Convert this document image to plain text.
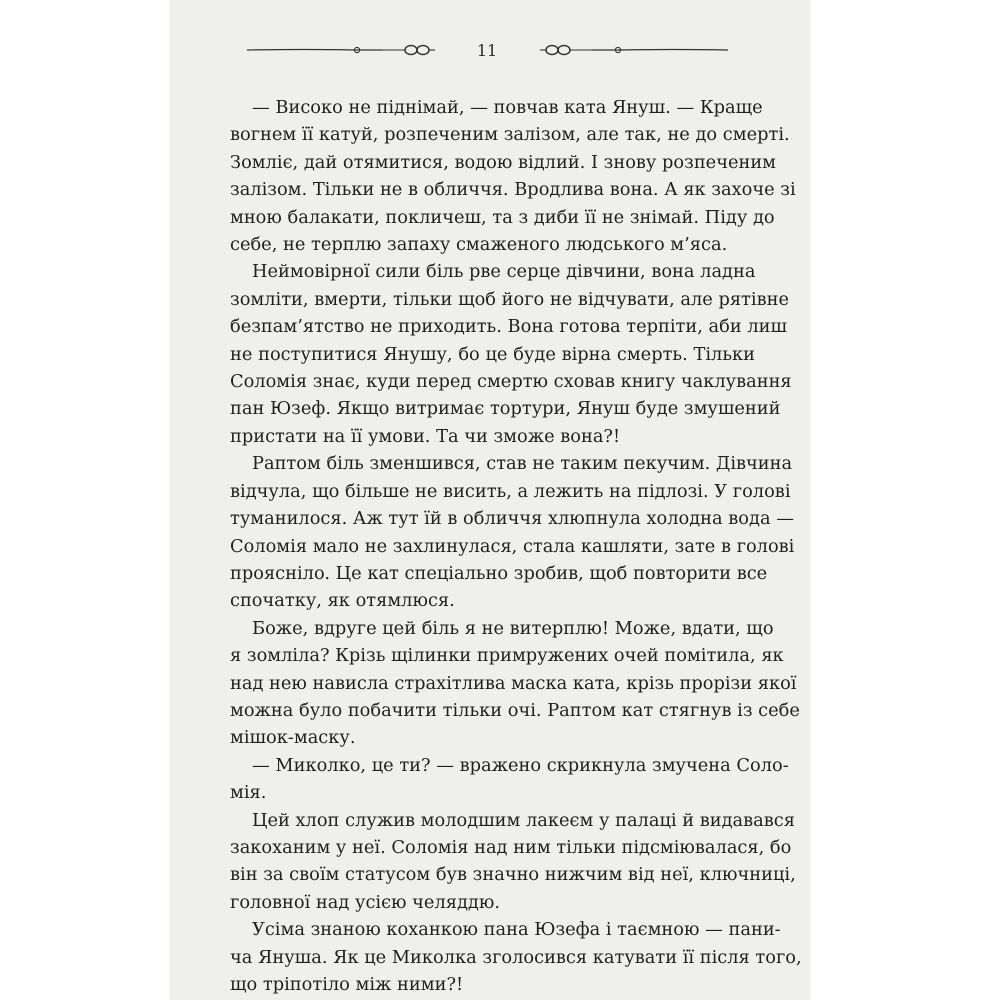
11

— Високо не піднімай, — повчав ката Януш. — Краще
вогнем її катуй, розпеченим залізом, але так, не до смерті.
Зомліє, дай отямитися, водою відлий. І знову розпеченим
залізом. Тільки не в обличчя. Вродлива вона. А як захоче зі
мною балакати, покличеш, та з диби її не знімай. Піду до
себе, не терплю запаху смаженого людського м’яса.

Неймовірної сили біль рве серце дівчини, вона ладна
зомліти, вмерти, тільки щоб його не відчувати, але рятівне
безпам’ятство не приходить. Вона готова терпіти, аби лиш
не поступитися Янушу, бо це буде вірна смерть. Тільки
Соломія знає, куди перед смертю сховав книгу чаклування
пан Юзеф. Якщо витримає тортури, Януш буде змушений
пристати на її умови. Та чи зможе вона?!

Раптом біль зменшився, став не таким пекучим. Дівчина
відчула, що більше не висить, а лежить на підлозі. У голові
туманилося. Аж тут їй в обличчя хлюпнула холодна вода —
Соломія мало не захлинулася, стала кашляти, зате в голові
прояснілo. Це кат спеціально зробив, щоб повторити все
спочатку, як отямлюся.

Боже, вдруге цей біль я не витерплю! Може, вдати, що
я зомліла? Крізь щілинки примружених очей помітила, як
над нею нависла страхітлива маска ката, крізь прорізи якої
можна було побачити тільки очі. Раптом кат стягнув із себе
мішок-маску.

— Миколко, це ти? — вражено скрикнула змучена Соло-
мія.

Цей хлоп служив молодшим лакеєм у палаці й видавався
закоханим у неї. Соломія над ним тільки підсміювалася, бо
він за своїм статусом був значно нижчим від неї, ключниці,
головної над усією челяддю.

Усіма знаною коханкою пана Юзефа і таємною — пани-
ча Януша. Як це Миколка зголосився катувати її після того,
що тріпотіло між ними?!
